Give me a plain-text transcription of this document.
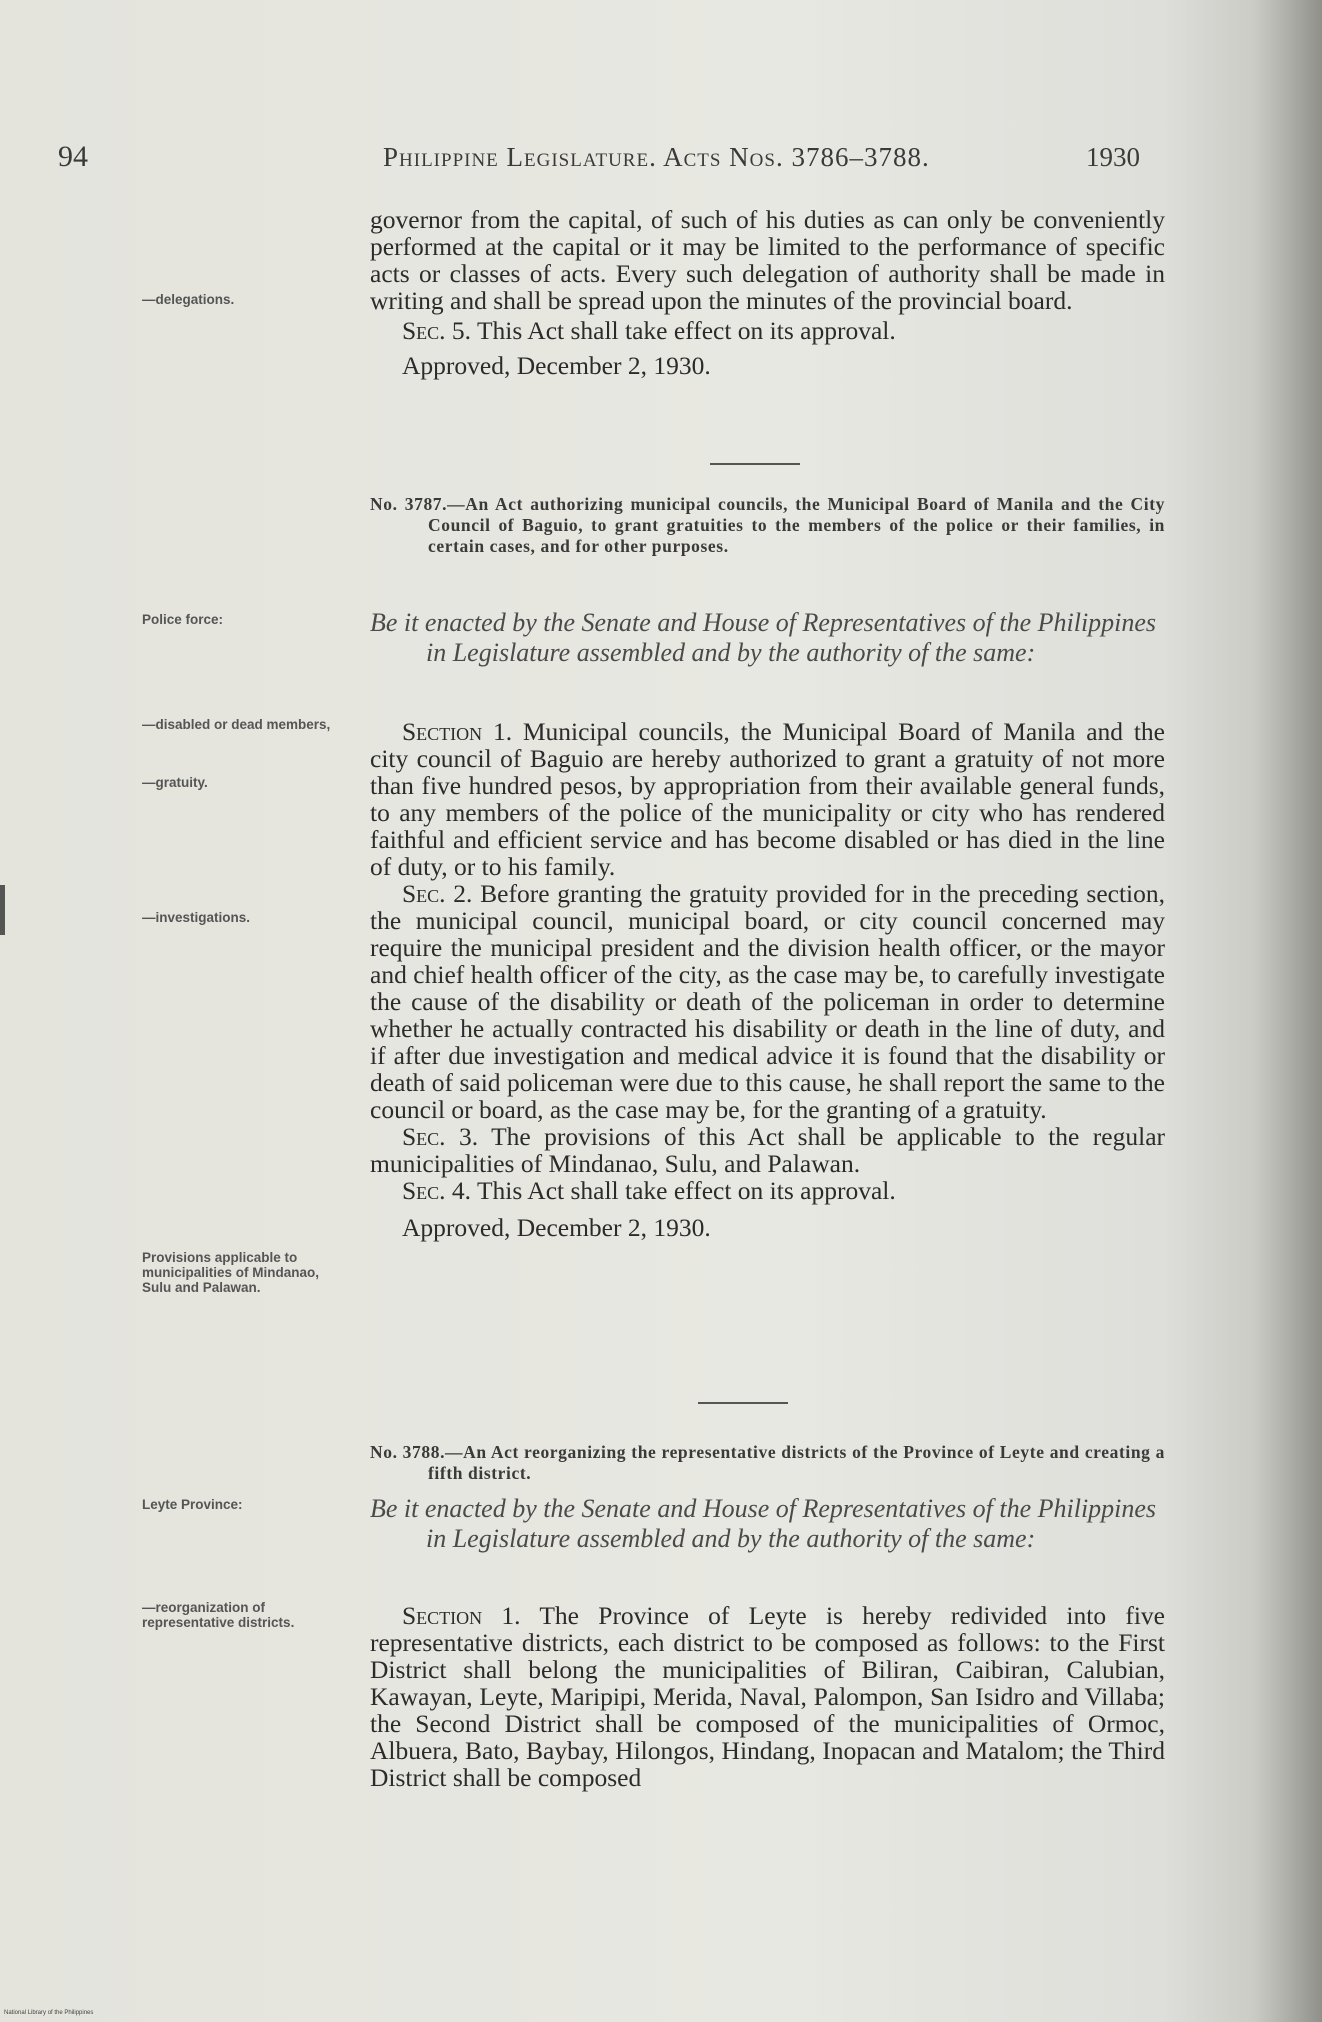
94	Philippine Legislature. Acts Nos. 3786–3788.	1930

governor from the capital, of such of his duties as can only be conveniently performed at the capital or it may be limited to the performance of specific acts or classes of acts. Every such delegation of authority shall be made in writing and shall be spread upon the minutes of the provincial board.

Sec. 5. This Act shall take effect on its approval.

Approved, December 2, 1930.

—delegations.
No. 3787.—An Act authorizing municipal councils, the Municipal Board of Manila and the City Council of Baguio, to grant gratuities to the members of the police or their families, in certain cases, and for other purposes.
Police force:	Be it enacted by the Senate and House of Representatives of the Philippines in Legislature assembled and by the authority of the same:
—disabled or dead members,
—gratuity.
—investigations.
Provisions applicable to municipalities of Mindanao, Sulu and Palawan.

Section 1. Municipal councils, the Municipal Board of Manila and the city council of Baguio are hereby authorized to grant a gratuity of not more than five hundred pesos, by appropriation from their available general funds, to any members of the police of the municipality or city who has rendered faithful and efficient service and has become disabled or has died in the line of duty, or to his family.

Sec. 2. Before granting the gratuity provided for in the preceding section, the municipal council, municipal board, or city council concerned may require the municipal president and the division health officer, or the mayor and chief health officer of the city, as the case may be, to carefully investigate the cause of the disability or death of the policeman in order to determine whether he actually contracted his disability or death in the line of duty, and if after due investigation and medical advice it is found that the disability or death of said policeman were due to this cause, he shall report the same to the council or board, as the case may be, for the granting of a gratuity.

Sec. 3. The provisions of this Act shall be applicable to the regular municipalities of Mindanao, Sulu, and Palawan.

Sec. 4. This Act shall take effect on its approval.

Approved, December 2, 1930.

No. 3788.—An Act reorganizing the representative districts of the Province of Leyte and creating a fifth district.
Leyte Province:	Be it enacted by the Senate and House of Representatives of the Philippines in Legislature assembled and by the authority of the same:
—reorganization of representative districts.	Section 1. The Province of Leyte is hereby redivided into five representative districts, each district to be composed as follows: to the First District shall belong the municipalities of Biliran, Caibiran, Calubian, Kawayan, Leyte, Maripipi, Merida, Naval, Palompon, San Isidro and Villaba; the Second District shall be composed of the municipalities of Ormoc, Albuera, Bato, Baybay, Hilongos, Hindang, Inopacan and Matalom; the Third District shall be composed

National Library of the Philippines
